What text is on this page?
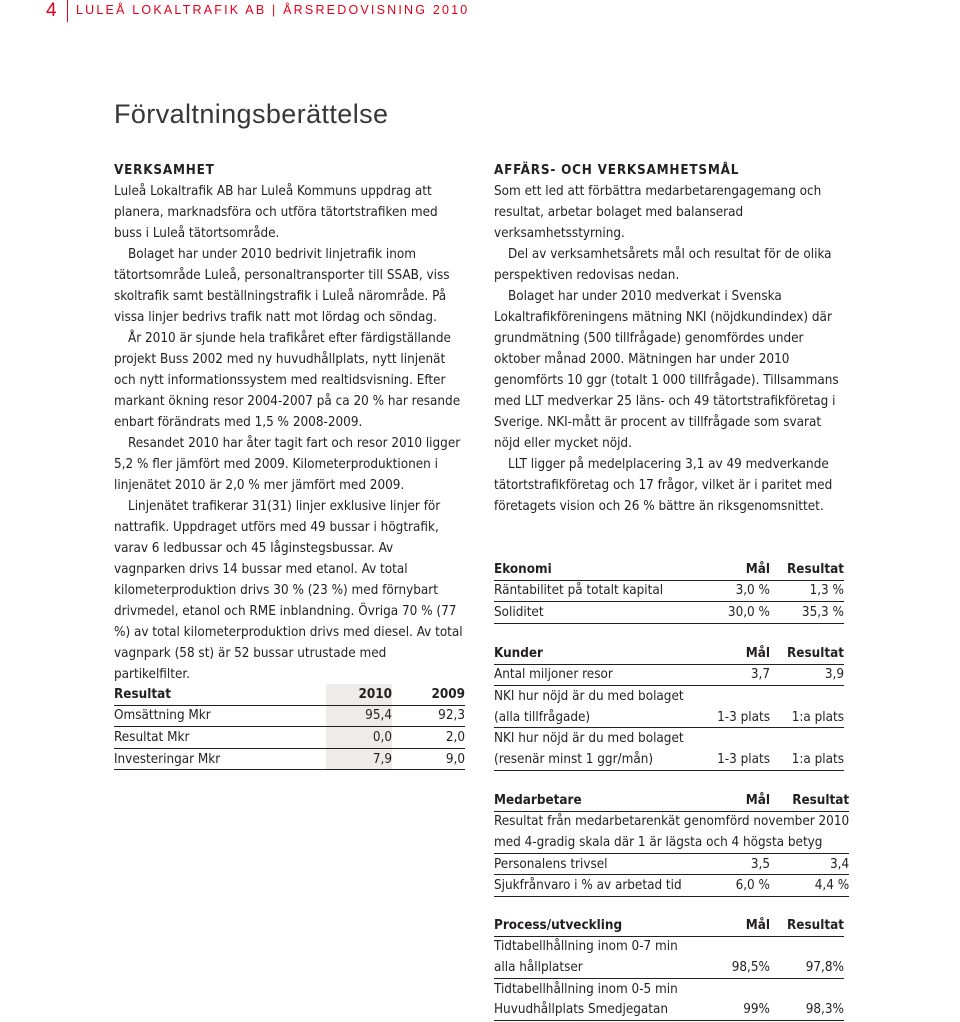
4 LULEÅ LOKALTRAFIK AB | ÅRSREDOVISNING 2010
Förvaltningsberättelse

VERKSAMHET

Luleå Lokaltrafik AB har Luleå Kommuns uppdrag att planera, marknadsföra och utföra tätortstrafiken med buss i Luleå tätortsområde.

Bolaget har under 2010 bedrivit linjetrafik inom tätortsområde Luleå, personaltransporter till SSAB, viss skoltrafik samt beställningstrafik i Luleå närområde. På vissa linjer bedrivs trafik natt mot lördag och söndag.

År 2010 är sjunde hela trafikåret efter färdigställande projekt Buss 2002 med ny huvudhållplats, nytt linjenät och nytt informationssystem med realtidsvisning. Efter markant ökning resor 2004-2007 på ca 20 % har resande enbart förändrats med 1,5 % 2008-2009.

Resandet 2010 har åter tagit fart och resor 2010 ligger 5,2 % fler jämfört med 2009. Kilometerproduktionen i linjenätet 2010 är 2,0 % mer jämfört med 2009.

Linjenätet trafikerar 31(31) linjer exklusive linjer för nattrafik. Uppdraget utförs med 49 bussar i högtrafik, varav 6 ledbussar och 45 låginstegsbussar. Av vagnparken drivs 14 bussar med etanol. Av total kilometerproduktion drivs 30 % (23 %) med förnybart drivmedel, etanol och RME inblandning. Övriga 70 % (77 %) av total kilometerproduktion drivs med diesel. Av total vagnpark (58 st) är 52 bussar utrustade med partikelfilter.

Resultat	2010	2009
Omsättning Mkr	95,4	92,3
Resultat Mkr	0,0	2,0
Investeringar Mkr	7,9	9,0

AFFÄRS- OCH VERKSAMHETSMÅL

Som ett led att förbättra medarbetarengagemang och resultat, arbetar bolaget med balanserad verksamhetsstyrning.

Del av verksamhetsårets mål och resultat för de olika perspektiven redovisas nedan.

Bolaget har under 2010 medverkat i Svenska Lokaltrafikföreningens mätning NKI (nöjdkundindex) där grundmätning (500 tillfrågade) genomfördes under oktober månad 2000. Mätningen har under 2010 genomförts 10 ggr (totalt 1 000 tillfrågade). Tillsammans med LLT medverkar 25 läns- och 49 tätortstrafikföretag i Sverige. NKI-mått är procent av tillfrågade som svarat nöjd eller mycket nöjd.

LLT ligger på medelplacering 3,1 av 49 medverkande tätortstrafikföretag och 17 frågor, vilket är i paritet med företagets vision och 26 % bättre än riksgenomsnittet.

Ekonomi	Mål	Resultat
Räntabilitet på totalt kapital	3,0 %	1,3 %
Soliditet	30,0 %	35,3 %
Kunder	Mål	Resultat
Antal miljoner resor	3,7	3,9
NKI hur nöjd är du med bolaget		
(alla tillfrågade)	1-3 plats	1:a plats
NKI hur nöjd är du med bolaget		
(resenär minst 1 ggr/mån)	1-3 plats	1:a plats
Medarbetare	Mål	Resultat
Resultat från medarbetarenkät genomförd november 2010		
med 4-gradig skala där 1 är lägsta och 4 högsta betyg		
Personalens trivsel	3,5	3,4
Sjukfrånvaro i % av arbetad tid	6,0 %	4,4 %
Process/utveckling	Mål	Resultat
Tidtabellhållning inom 0-7 min		
alla hållplatser	98,5%	97,8%
Tidtabellhållning inom 0-5 min		
Huvudhållplats Smedjegatan	99%	98,3%
